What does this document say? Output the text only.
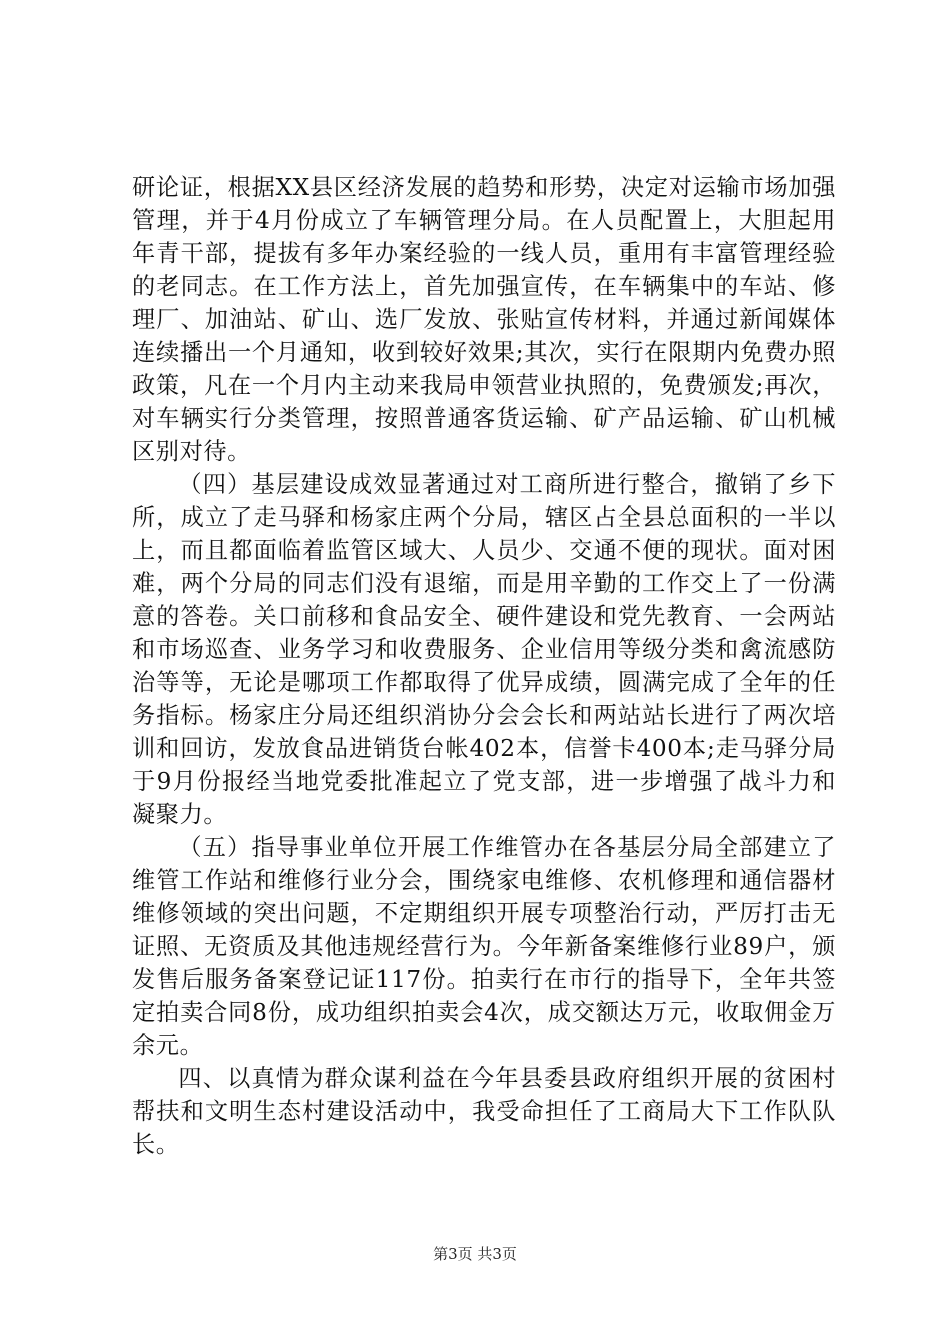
研论证，根据XX县区经济发展的趋势和形势，决定对运输市场加强管理，并于4月份成立了车辆管理分局。在人员配置上，大胆起用年青干部，提拔有多年办案经验的一线人员，重用有丰富管理经验的老同志。在工作方法上，首先加强宣传，在车辆集中的车站、修理厂、加油站、矿山、选厂发放、张贴宣传材料，并通过新闻媒体连续播出一个月通知，收到较好效果;其次，实行在限期内免费办照政策，凡在一个月内主动来我局申领营业执照的，免费颁发;再次，对车辆实行分类管理，按照普通客货运输、矿产品运输、矿山机械区别对待。

（四）基层建设成效显著通过对工商所进行整合，撤销了乡下所，成立了走马驿和杨家庄两个分局，辖区占全县总面积的一半以上，而且都面临着监管区域大、人员少、交通不便的现状。面对困难，两个分局的同志们没有退缩，而是用辛勤的工作交上了一份满意的答卷。关口前移和食品安全、硬件建设和党先教育、一会两站和市场巡查、业务学习和收费服务、企业信用等级分类和禽流感防治等等，无论是哪项工作都取得了优异成绩，圆满完成了全年的任务指标。杨家庄分局还组织消协分会会长和两站站长进行了两次培训和回访，发放食品进销货台帐402本，信誉卡400本;走马驿分局于9月份报经当地党委批准起立了党支部，进一步增强了战斗力和凝聚力。

（五）指导事业单位开展工作维管办在各基层分局全部建立了维管工作站和维修行业分会，围绕家电维修、农机修理和通信器材维修领域的突出问题，不定期组织开展专项整治行动，严厉打击无证照、无资质及其他违规经营行为。今年新备案维修行业89户，颁发售后服务备案登记证117份。拍卖行在市行的指导下，全年共签定拍卖合同8份，成功组织拍卖会4次，成交额达万元，收取佣金万余元。

四、以真情为群众谋利益在今年县委县政府组织开展的贫困村帮扶和文明生态村建设活动中，我受命担任了工商局大下工作队队长。

第3页 共3页
